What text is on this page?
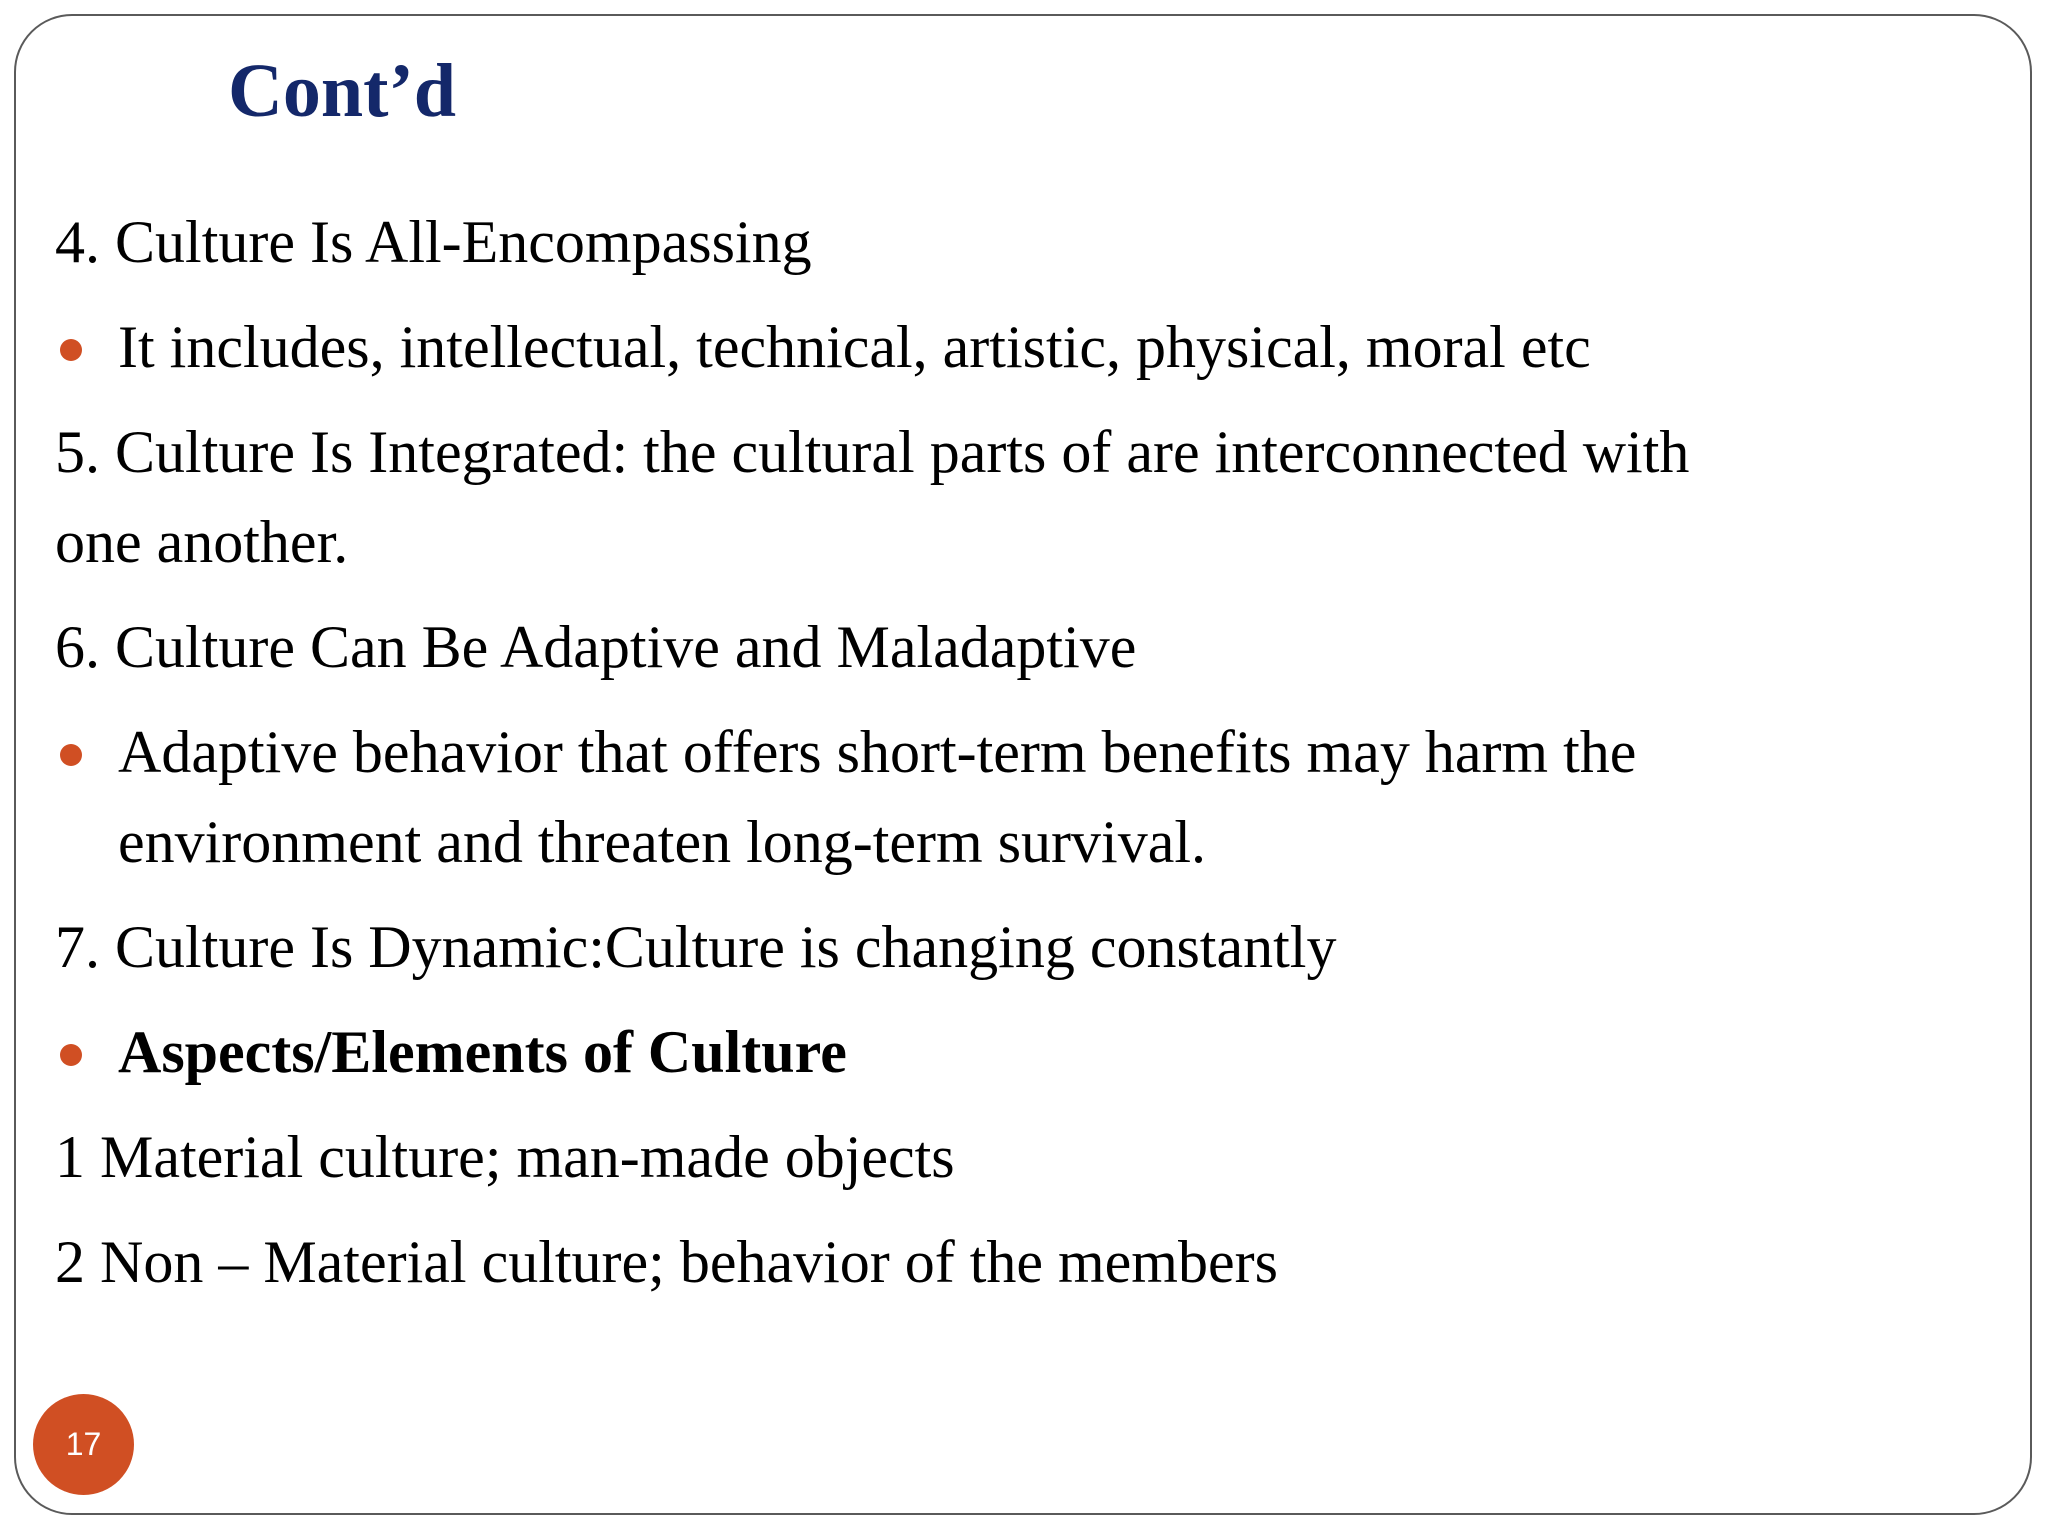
Cont’d
4. Culture Is All-Encompassing
It includes, intellectual, technical, artistic, physical, moral etc
5. Culture Is Integrated: the cultural parts of are interconnected with
one another.
6. Culture Can Be Adaptive and Maladaptive
Adaptive behavior that offers short-term benefits may harm the
environment and threaten long-term survival.
7. Culture Is Dynamic:Culture is changing constantly
Aspects/Elements of Culture
1 Material culture; man-made objects
2 Non – Material culture; behavior of the members
17
